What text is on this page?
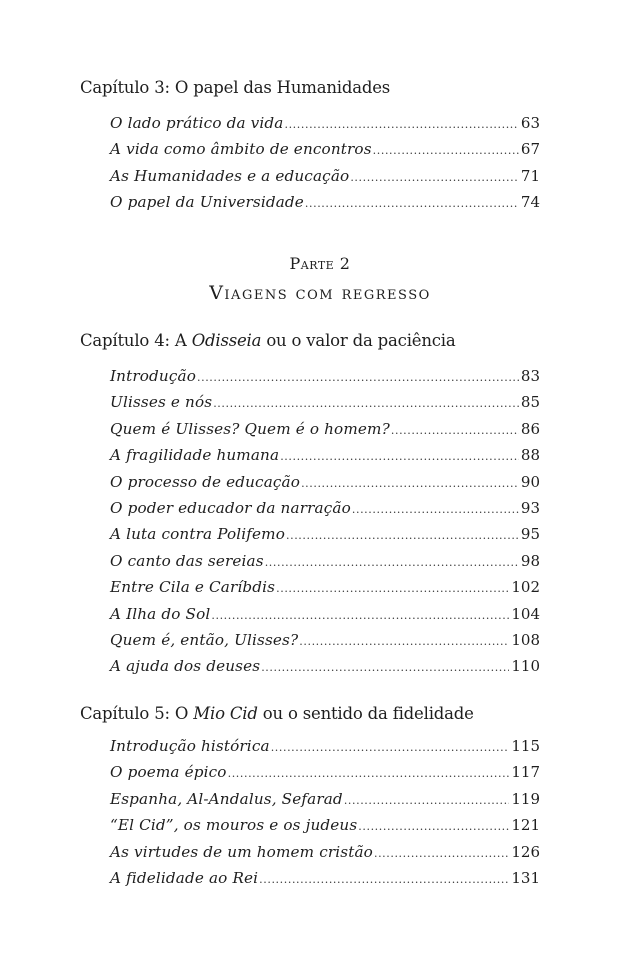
Capítulo 3: O papel das Humanidades
O lado prático da vida .....	63
A vida como âmbito de encontros .....	67
As Humanidades e a educação .....	71
O papel da Universidade .....	74
Parte 2
Viagens com regresso
Capítulo 4: A Odisseia ou o valor da paciência
Introdução .....	83
Ulisses e nós .....	85
Quem é Ulisses? Quem é o homem? .....	86
A fragilidade humana .....	88
O processo de educação .....	90
O poder educador da narração .....	93
A luta contra Polifemo .....	95
O canto das sereias .....	98
Entre Cila e Caríbdis .....	102
A Ilha do Sol .....	104
Quem é, então, Ulisses? .....	108
A ajuda dos deuses .....	110
Capítulo 5: O Mio Cid ou o sentido da fidelidade
Introdução histórica .....	115
O poema épico .....	117
Espanha, Al-Andalus, Sefarad .....	119
“El Cid”, os mouros e os judeus .....	121
As virtudes de um homem cristão .....	126
A fidelidade ao Rei .....	131
